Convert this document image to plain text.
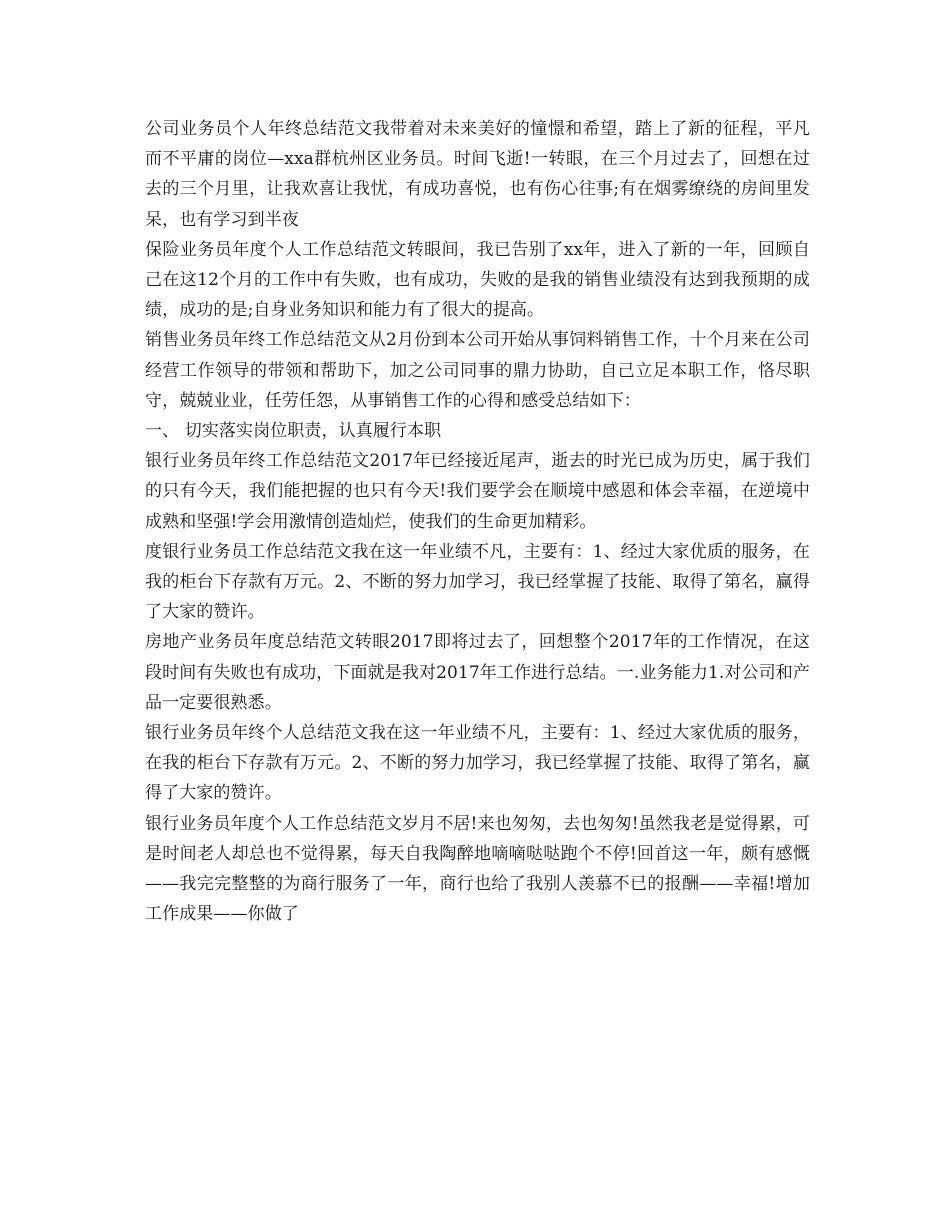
公司业务员个人年终总结范文我带着对未来美好的憧憬和希望，踏上了新的征程，平凡而不平庸的岗位—xxa群杭州区业务员。时间飞逝!一转眼，在三个月过去了，回想在过去的三个月里，让我欢喜让我忧，有成功喜悦，也有伤心往事;有在烟雾缭绕的房间里发呆，也有学习到半夜

保险业务员年度个人工作总结范文转眼间，我已告别了xx年，进入了新的一年，回顾自己在这12个月的工作中有失败，也有成功，失败的是我的销售业绩没有达到我预期的成绩，成功的是;自身业务知识和能力有了很大的提高。

销售业务员年终工作总结范文从2月份到本公司开始从事饲料销售工作，十个月来在公司经营工作领导的带领和帮助下，加之公司同事的鼎力协助，自己立足本职工作，恪尽职守，兢兢业业，任劳任怨，从事销售工作的心得和感受总结如下：

一、 切实落实岗位职责，认真履行本职

银行业务员年终工作总结范文2017年已经接近尾声，逝去的时光已成为历史，属于我们的只有今天，我们能把握的也只有今天!我们要学会在顺境中感恩和体会幸福，在逆境中成熟和坚强!学会用激情创造灿烂，使我们的生命更加精彩。

度银行业务员工作总结范文我在这一年业绩不凡，主要有：1、经过大家优质的服务，在我的柜台下存款有万元。2、不断的努力加学习，我已经掌握了技能、取得了第名，赢得了大家的赞许。

房地产业务员年度总结范文转眼2017即将过去了，回想整个2017年的工作情况，在这段时间有失败也有成功，下面就是我对2017年工作进行总结。一.业务能力1.对公司和产品一定要很熟悉。

银行业务员年终个人总结范文我在这一年业绩不凡，主要有：1、经过大家优质的服务，在我的柜台下存款有万元。2、不断的努力加学习，我已经掌握了技能、取得了第名，赢得了大家的赞许。

银行业务员年度个人工作总结范文岁月不居!来也匆匆，去也匆匆!虽然我老是觉得累，可是时间老人却总也不觉得累，每天自我陶醉地嘀嘀哒哒跑个不停!回首这一年，颇有感慨——我完完整整的为商行服务了一年，商行也给了我别人羡慕不已的报酬——幸福!增加工作成果——你做了
